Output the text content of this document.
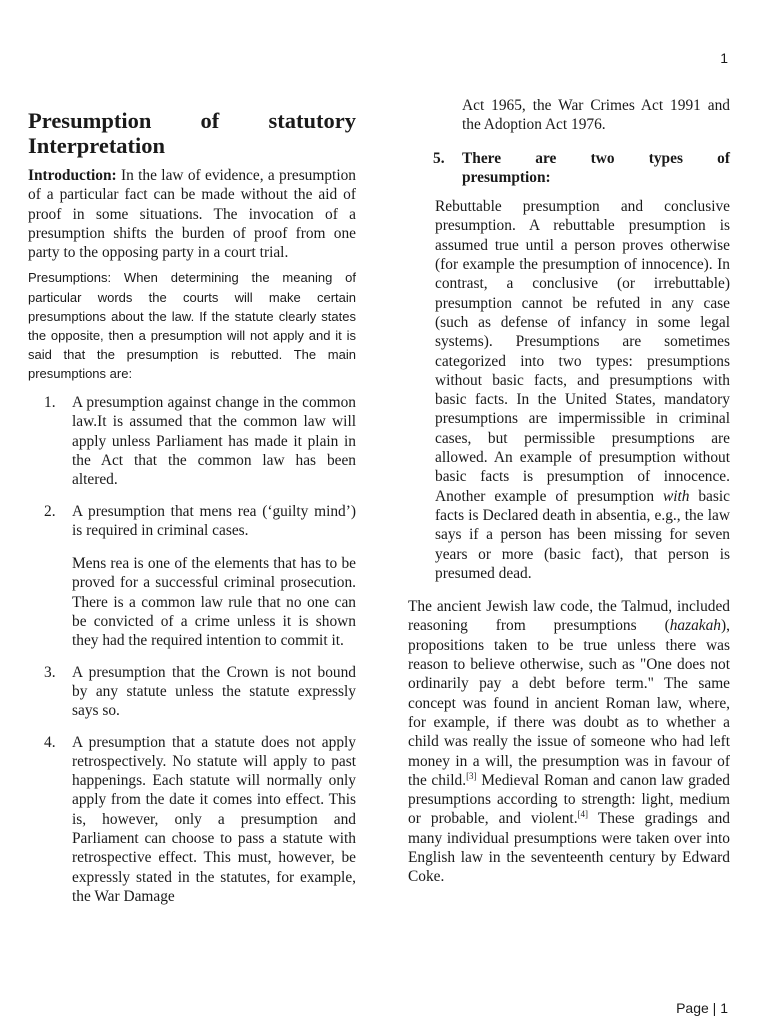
1
Presumption of statutory
Interpretation

Introduction: In the law of evidence, a presumption of a particular fact can be made without the aid of proof in some situations. The invocation of a presumption shifts the burden of proof from one party to the opposing party in a court trial.

Presumptions: When determining the meaning of particular words the courts will make certain presumptions about the law. If the statute clearly states the opposite, then a presumption will not apply and it is said that the presumption is rebutted. The main presumptions are:

1. A presumption against change in the common law.It is assumed that the common law will apply unless Parliament has made it plain in the Act that the common law has been altered.
2. A presumption that mens rea (‘guilty mind’) is required in criminal cases.

Mens rea is one of the elements that has to be proved for a successful criminal prosecution. There is a common law rule that no one can be convicted of a crime unless it is shown they had the required intention to commit it.

3. A presumption that the Crown is not bound by any statute unless the statute expressly says so.
4. A presumption that a statute does not apply retrospectively. No statute will apply to past happenings. Each statute will normally only apply from the date it comes into effect. This is, however, only a presumption and Parliament can choose to pass a statute with retrospective effect. This must, however, be expressly stated in the statutes, for example, the War Damage

Act 1965, the War Crimes Act 1991 and the Adoption Act 1976.

5. There are two types of
presumption:

Rebuttable presumption and conclusive presumption. A rebuttable presumption is assumed true until a person proves otherwise (for example the presumption of innocence). In contrast, a conclusive (or irrebuttable) presumption cannot be refuted in any case (such as defense of infancy in some legal systems). Presumptions are sometimes categorized into two types: presumptions without basic facts, and presumptions with basic facts. In the United States, mandatory presumptions are impermissible in criminal cases, but permissible presumptions are allowed. An example of presumption without basic facts is presumption of innocence. Another example of presumption with basic facts is Declared death in absentia, e.g., the law says if a person has been missing for seven years or more (basic fact), that person is presumed dead.

The ancient Jewish law code, the Talmud, included reasoning from presumptions (hazakah), propositions taken to be true unless there was reason to believe otherwise, such as "One does not ordinarily pay a debt before term." The same concept was found in ancient Roman law, where, for example, if there was doubt as to whether a child was really the issue of someone who had left money in a will, the presumption was in favour of the child.[3] Medieval Roman and canon law graded presumptions according to strength: light, medium or probable, and violent.[4] These gradings and many individual presumptions were taken over into English law in the seventeenth century by Edward Coke.

Page | 1
